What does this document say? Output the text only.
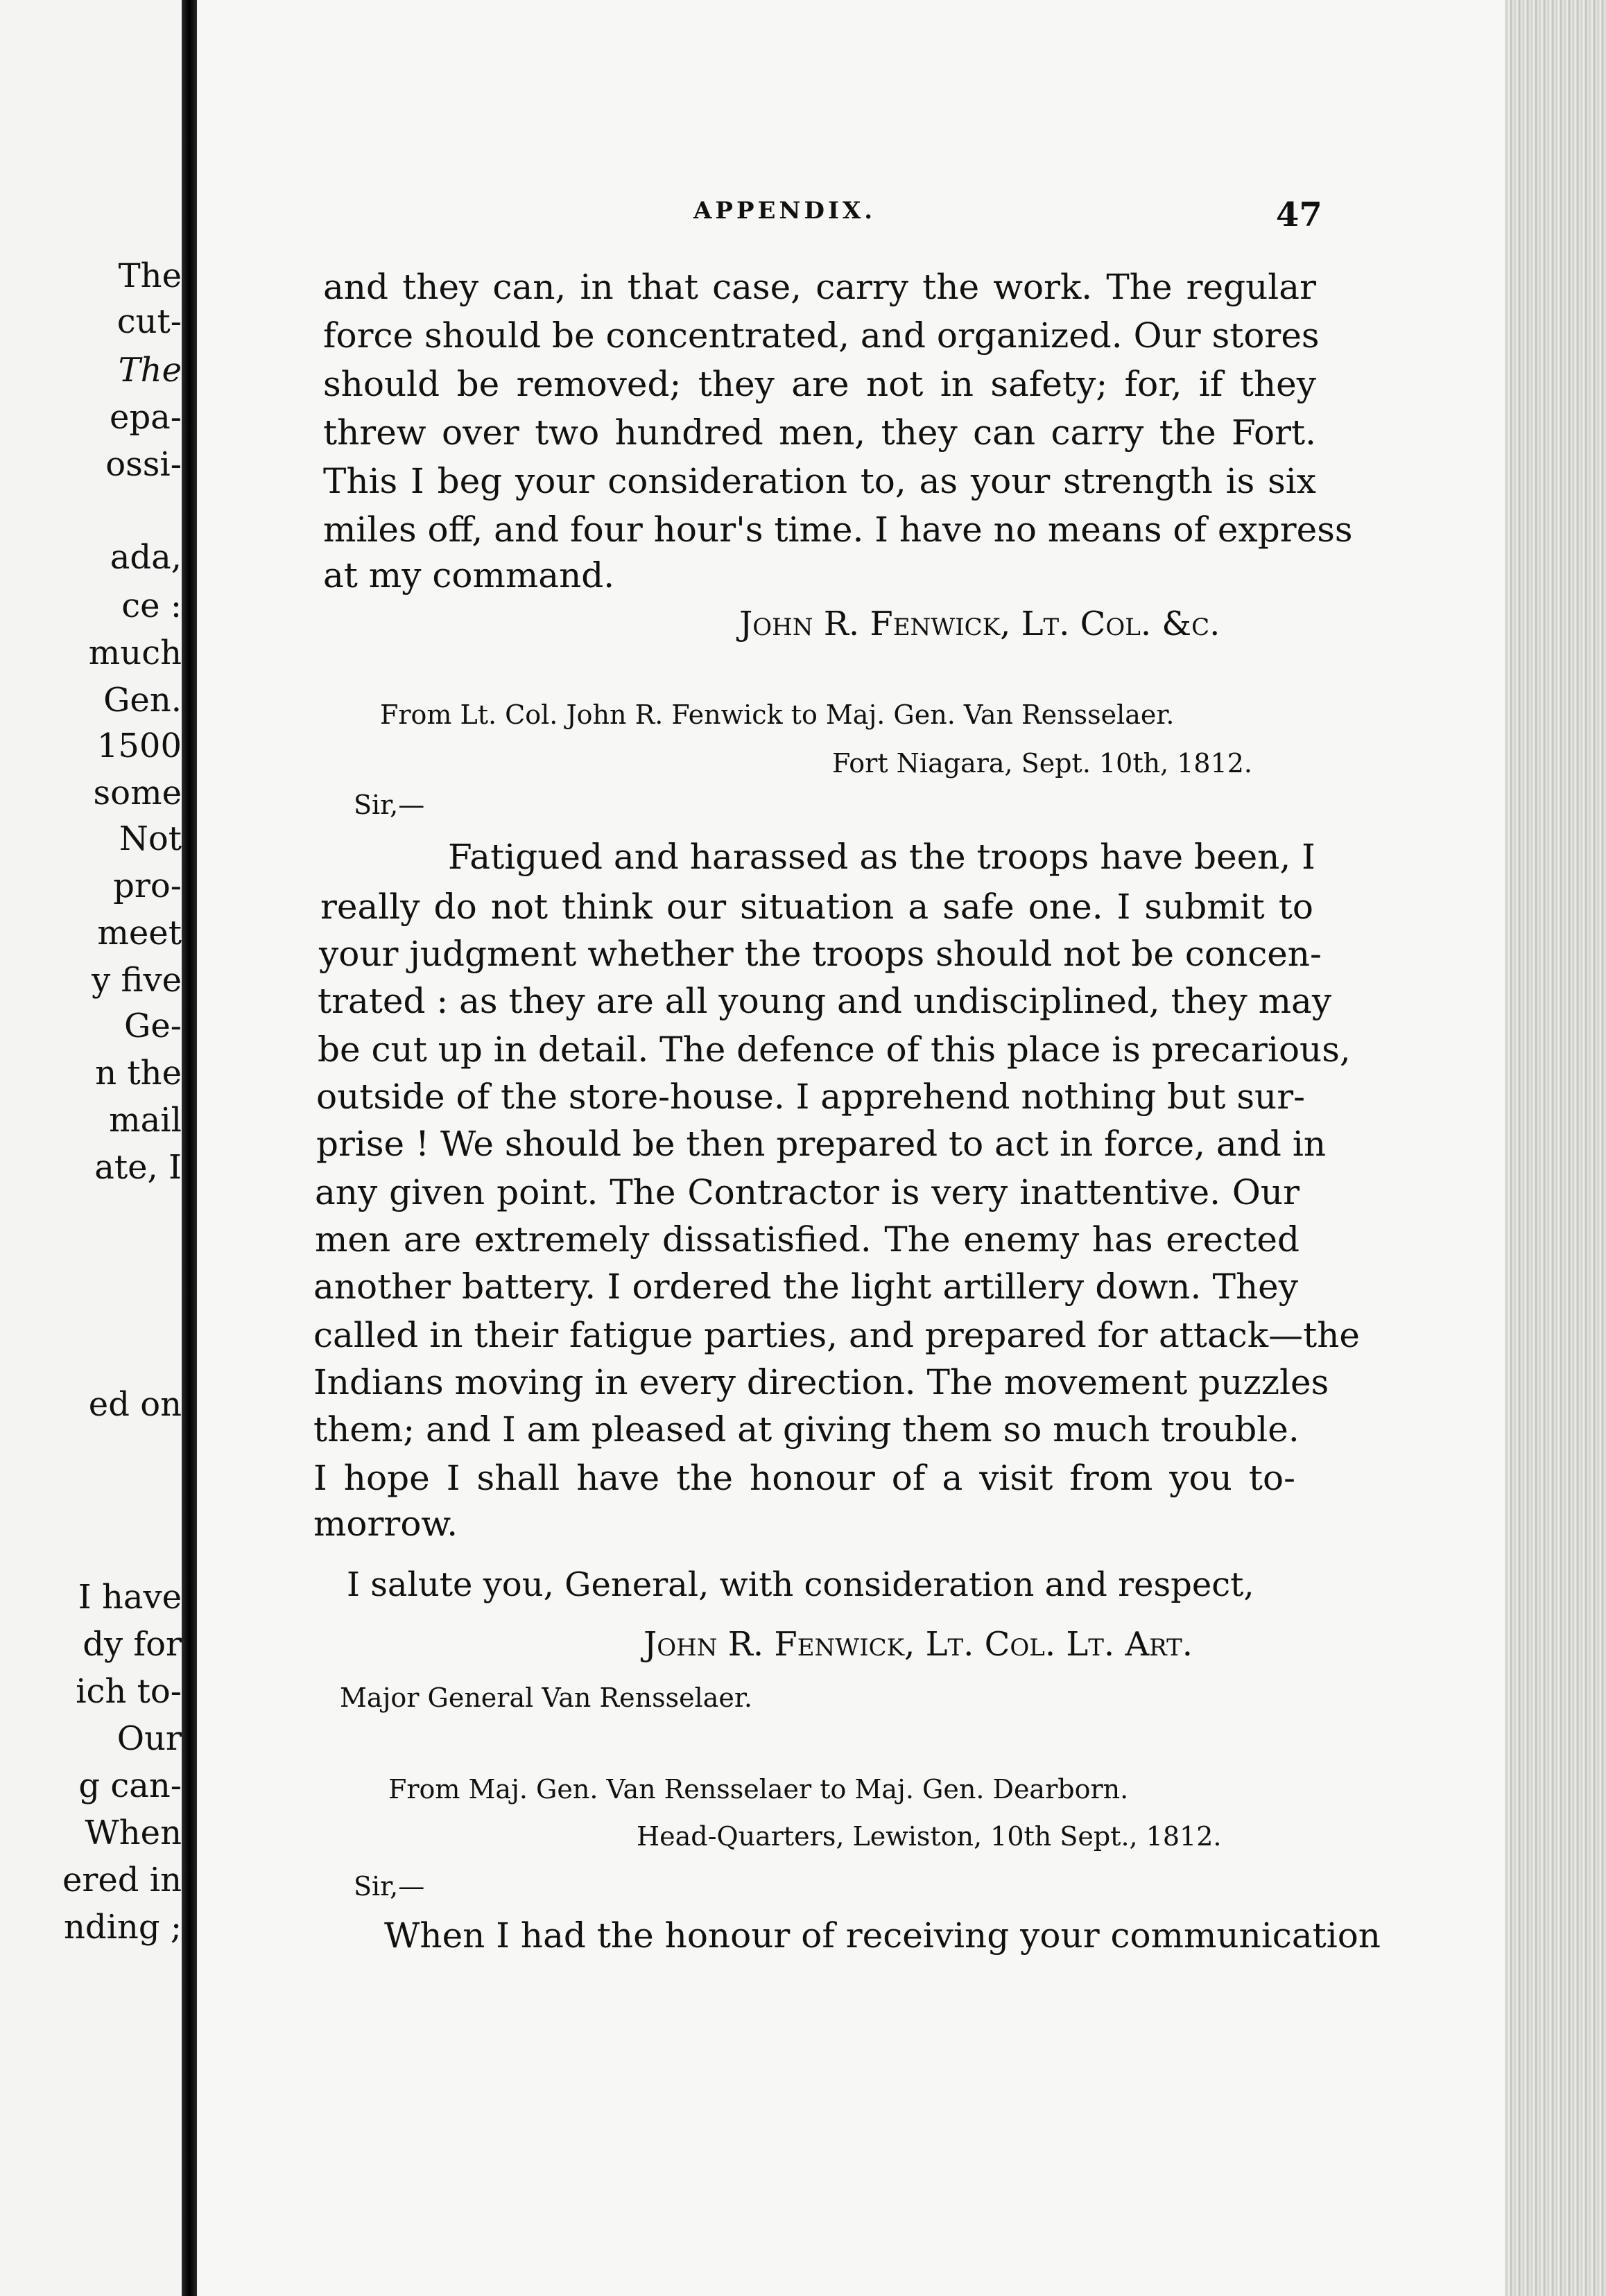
The
cut-
The
epa-
ossi-
ada,
ce :
much
Gen.
1500
some
Not
pro-
meet
y five
Ge-
n the
mail
ate, I
ed on
I have
dy for
ich to-
Our
g can-
When
ered in
nding ;
APPENDIX.	47
and they can, in that case, carry the work. The regular
force should be concentrated, and organized. Our stores
should be removed; they are not in safety; for, if they
threw over two hundred men, they can carry the Fort.
This I beg your consideration to, as your strength is six
miles off, and four hour's time. I have no means of express
at my command.
John R. Fenwick, Lt. Col. &c.
From Lt. Col. John R. Fenwick to Maj. Gen. Van Rensselaer.
Fort Niagara, Sept. 10th, 1812.
Sir,—
Fatigued and harassed as the troops have been, I
really do not think our situation a safe one. I submit to
your judgment whether the troops should not be concen-
trated : as they are all young and undisciplined, they may
be cut up in detail. The defence of this place is precarious,
outside of the store-house. I apprehend nothing but sur-
prise ! We should be then prepared to act in force, and in
any given point. The Contractor is very inattentive. Our
men are extremely dissatisfied. The enemy has erected
another battery. I ordered the light artillery down. They
called in their fatigue parties, and prepared for attack—the
Indians moving in every direction. The movement puzzles
them; and I am pleased at giving them so much trouble.
I hope I shall have the honour of a visit from you to-
morrow.
I salute you, General, with consideration and respect,
John R. Fenwick, Lt. Col. Lt. Art.
Major General Van Rensselaer.
From Maj. Gen. Van Rensselaer to Maj. Gen. Dearborn.
Head-Quarters, Lewiston, 10th Sept., 1812.
Sir,—
When I had the honour of receiving your communication
